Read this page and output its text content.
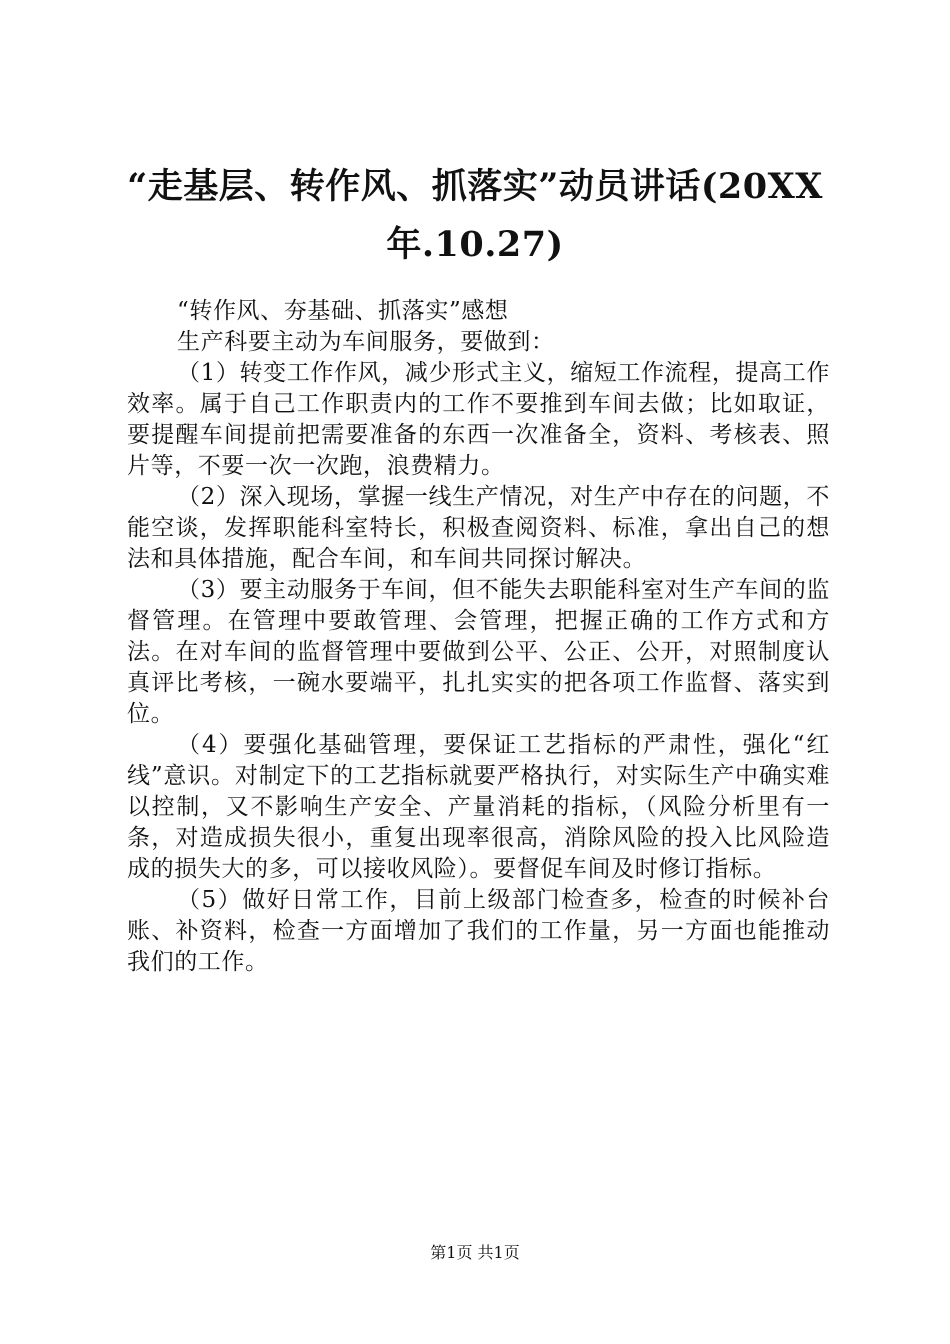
“走基层、转作风、抓落实”动员讲话(20XX
年.10.27)

“转作风、夯基础、抓落实”感想

生产科要主动为车间服务，要做到：

（1）转变工作作风，减少形式主义，缩短工作流程，提高工作效率。属于自己工作职责内的工作不要推到车间去做；比如取证，要提醒车间提前把需要准备的东西一次准备全，资料、考核表、照片等，不要一次一次跑，浪费精力。

（2）深入现场，掌握一线生产情况，对生产中存在的问题，不能空谈，发挥职能科室特长，积极查阅资料、标准，拿出自己的想法和具体措施，配合车间，和车间共同探讨解决。

（3）要主动服务于车间，但不能失去职能科室对生产车间的监督管理。在管理中要敢管理、会管理，把握正确的工作方式和方法。在对车间的监督管理中要做到公平、公正、公开，对照制度认真评比考核，一碗水要端平，扎扎实实的把各项工作监督、落实到位。

（4）要强化基础管理，要保证工艺指标的严肃性，强化“红线”意识。对制定下的工艺指标就要严格执行，对实际生产中确实难以控制，又不影响生产安全、产量消耗的指标，（风险分析里有一条，对造成损失很小，重复出现率很高，消除风险的投入比风险造成的损失大的多，可以接收风险）。要督促车间及时修订指标。

（5）做好日常工作，目前上级部门检查多，检查的时候补台账、补资料，检查一方面增加了我们的工作量，另一方面也能推动我们的工作。

第1页 共1页
